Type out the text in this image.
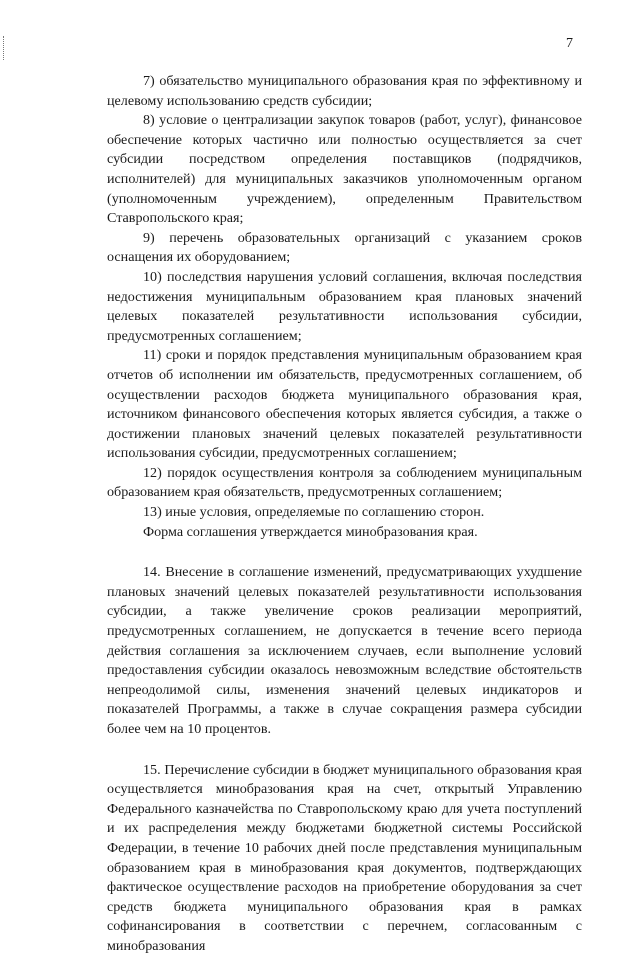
7

7) обязательство муниципального образования края по эффективному и целевому использованию средств субсидии;

8) условие о централизации закупок товаров (работ, услуг), финансовое обеспечение которых частично или полностью осуществляется за счет субсидии посредством определения поставщиков (подрядчиков, исполнителей) для муниципальных заказчиков уполномоченным органом (уполномоченным учреждением), определенным Правительством Ставропольского края;

9) перечень образовательных организаций с указанием сроков оснащения их оборудованием;

10) последствия нарушения условий соглашения, включая последствия недостижения муниципальным образованием края плановых значений целевых показателей результативности использования субсидии, предусмотренных соглашением;

11) сроки и порядок представления муниципальным образованием края отчетов об исполнении им обязательств, предусмотренных соглашением, об осуществлении расходов бюджета муниципального образования края, источником финансового обеспечения которых является субсидия, а также о достижении плановых значений целевых показателей результативности использования субсидии, предусмотренных соглашением;

12) порядок осуществления контроля за соблюдением муниципальным образованием края обязательств, предусмотренных соглашением;

13) иные условия, определяемые по соглашению сторон.

Форма соглашения утверждается минобразования края.

14. Внесение в соглашение изменений, предусматривающих ухудшение плановых значений целевых показателей результативности использования субсидии, а также увеличение сроков реализации мероприятий, предусмотренных соглашением, не допускается в течение всего периода действия соглашения за исключением случаев, если выполнение условий предоставления субсидии оказалось невозможным вследствие обстоятельств непреодолимой силы, изменения значений целевых индикаторов и показателей Программы, а также в случае сокращения размера субсидии более чем на 10 процентов.

15. Перечисление субсидии в бюджет муниципального образования края осуществляется минобразования края на счет, открытый Управлению Федерального казначейства по Ставропольскому краю для учета поступлений и их распределения между бюджетами бюджетной системы Российской Федерации, в течение 10 рабочих дней после представления муниципальным образованием края в минобразования края документов, подтверждающих фактическое осуществление расходов на приобретение оборудования за счет средств бюджета муниципального образования края в рамках софинансирования в соответствии с перечнем, согласованным с минобразования
